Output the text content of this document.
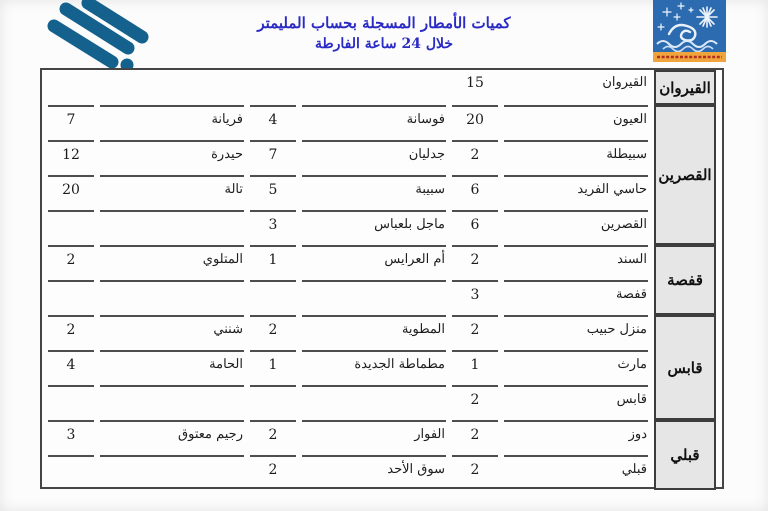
كميات الأمطار المسجلة بحساب المليمتر
خلال 24 ساعة الفارطة
القيروان	القيروان	15				
القصرين	العيون	20	فوسانة	4	فريانة	7
	سبيطلة	2	جدليان	7	حيدرة	12
	حاسي الفريد	6	سبيبة	5	تالة	20
	القصرين	6	ماجل بلعباس	3		
قفصة	السند	2	أم العرايس	1	المتلوي	2
	قفصة	3				
قابس	منزل حبيب	2	المطوية	2	شنني	2
	مارث	1	مطماطة الجديدة	1	الحامة	4
	قابس	2				
قبلي	دوز	2	الفوار	2	رجيم معتوق	3
	قبلي	2	سوق الأحد	2		
